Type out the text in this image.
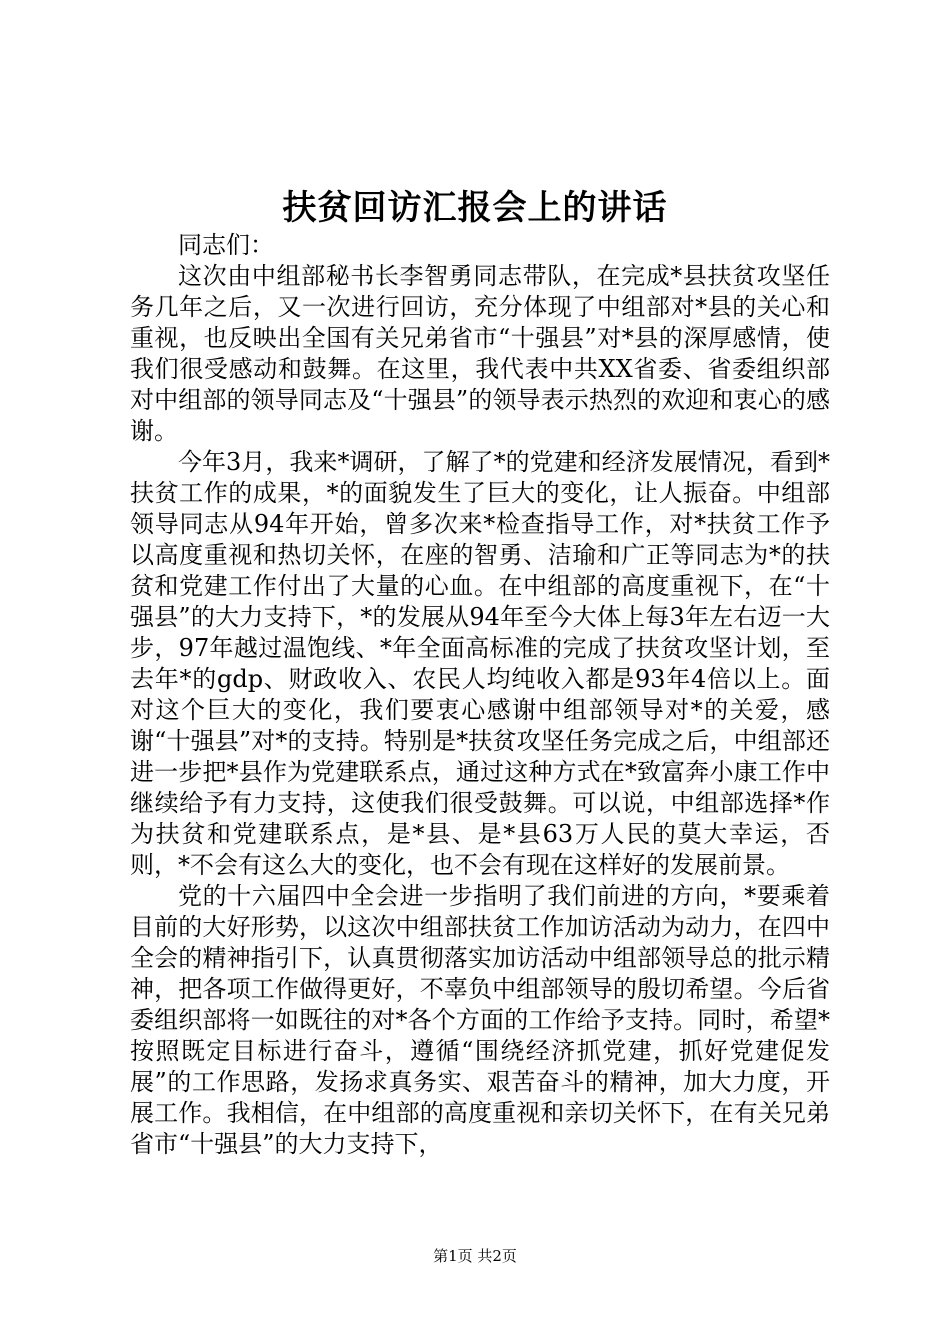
扶贫回访汇报会上的讲话

同志们：

这次由中组部秘书长李智勇同志带队，在完成*县扶贫攻坚任务几年之后，又一次进行回访，充分体现了中组部对*县的关心和重视，也反映出全国有关兄弟省市“十强县”对*县的深厚感情，使我们很受感动和鼓舞。在这里，我代表中共XX省委、省委组织部对中组部的领导同志及“十强县”的领导表示热烈的欢迎和衷心的感谢。

今年3月，我来*调研，了解了*的党建和经济发展情况，看到*扶贫工作的成果，*的面貌发生了巨大的变化，让人振奋。中组部领导同志从94年开始，曾多次来*检查指导工作，对*扶贫工作予以高度重视和热切关怀，在座的智勇、洁瑜和广正等同志为*的扶贫和党建工作付出了大量的心血。在中组部的高度重视下，在“十强县”的大力支持下，*的发展从94年至今大体上每3年左右迈一大步，97年越过温饱线、*年全面高标准的完成了扶贫攻坚计划，至去年*的gdp、财政收入、农民人均纯收入都是93年4倍以上。面对这个巨大的变化，我们要衷心感谢中组部领导对*的关爱，感谢“十强县”对*的支持。特别是*扶贫攻坚任务完成之后，中组部还进一步把*县作为党建联系点，通过这种方式在*致富奔小康工作中继续给予有力支持，这使我们很受鼓舞。可以说，中组部选择*作为扶贫和党建联系点，是*县、是*县63万人民的莫大幸运，否则，*不会有这么大的变化，也不会有现在这样好的发展前景。

党的十六届四中全会进一步指明了我们前进的方向，*要乘着目前的大好形势，以这次中组部扶贫工作加访活动为动力，在四中全会的精神指引下，认真贯彻落实加访活动中组部领导总的批示精神，把各项工作做得更好，不辜负中组部领导的殷切希望。今后省委组织部将一如既往的对*各个方面的工作给予支持。同时，希望*按照既定目标进行奋斗，遵循“围绕经济抓党建，抓好党建促发展”的工作思路，发扬求真务实、艰苦奋斗的精神，加大力度，开展工作。我相信，在中组部的高度重视和亲切关怀下，在有关兄弟省市“十强县”的大力支持下，

第1页 共2页
